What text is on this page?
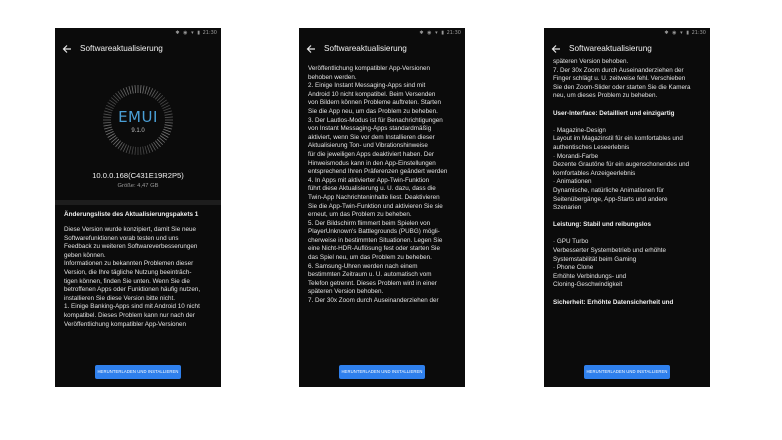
✱ ◉ ▾ ▮ 21:30
Softwareaktualisierung
EMUI
9.1.0
10.0.0.168(C431E19R2P5)
Größe: 4,47 GB
Änderungsliste des Aktualisierungspakets 1

Diese Version wurde konzipiert, damit Sie neue

Softwarefunktionen vorab testen und uns

Feedback zu weiteren Softwareverbesserungen

geben können.

Informationen zu bekannten Problemen dieser

Version, die Ihre tägliche Nutzung beeinträch-

tigen können, finden Sie unten. Wenn Sie die

betroffenen Apps oder Funktionen häufig nutzen,

installieren Sie diese Version bitte nicht.

1. Einige Banking-Apps sind mit Android 10 nicht

kompatibel. Dieses Problem kann nur nach der

Veröffentlichung kompatibler App-Versionen

HERUNTERLADEN UND INSTALLIEREN
✱ ◉ ▾ ▮ 21:30
Softwareaktualisierung

Veröffentlichung kompatibler App-Versionen

behoben werden.

2. Einige Instant Messaging-Apps sind mit

Android 10 nicht kompatibel. Beim Versenden

von Bildern können Probleme auftreten. Starten

Sie die App neu, um das Problem zu beheben.

3. Der Lautlos-Modus ist für Benachrichtigungen

von Instant Messaging-Apps standardmäßig

aktiviert, wenn Sie vor dem Installieren dieser

Aktualisierung Ton- und Vibrationshinweise

für die jeweiligen Apps deaktiviert haben. Der

Hinweismodus kann in den App-Einstellungen

entsprechend Ihren Präferenzen geändert werden

4. In Apps mit aktivierter App-Twin-Funktion

führt diese Aktualisierung u. U. dazu, dass die

Twin-App Nachrichteninhalte liest. Deaktivieren

Sie die App-Twin-Funktion und aktivieren Sie sie

erneut, um das Problem zu beheben.

5. Der Bildschirm flimmert beim Spielen von

PlayerUnknown's Battlegrounds (PUBG) mögli-

cherweise in bestimmten Situationen. Legen Sie

eine Nicht-HDR-Auflösung fest oder starten Sie

das Spiel neu, um das Problem zu beheben.

6. Samsung-Uhren werden nach einem

bestimmten Zeitraum u. U. automatisch vom

Telefon getrennt. Dieses Problem wird in einer

späteren Version behoben.

7. Der 30x Zoom durch Auseinanderziehen der

HERUNTERLADEN UND INSTALLIEREN
✱ ◉ ▾ ▮ 21:30
Softwareaktualisierung

späteren Version behoben.

7. Der 30x Zoom durch Auseinanderziehen der

Finger schlägt u. U. zeitweise fehl. Verschieben

Sie den Zoom-Slider oder starten Sie die Kamera

neu, um dieses Problem zu beheben.

User-Interface: Detailliert und einzigartig

· Magazine-Design

Layout im Magazinstil für ein komfortables und

authentisches Leseerlebnis

· Morandi-Farbe

Dezente Grautöne für ein augenschonendes und

komfortables Anzeigeerlebnis

· Animationen

Dynamische, natürliche Animationen für

Seitenübergänge, App-Starts und andere

Szenarien

Leistung: Stabil und reibungslos

· GPU Turbo

Verbesserter Systembetrieb und erhöhte

Systemstabilität beim Gaming

· Phone Clone

Erhöhte Verbindungs- und

Cloning-Geschwindigkeit

Sicherheit: Erhöhte Datensicherheit und

HERUNTERLADEN UND INSTALLIEREN
